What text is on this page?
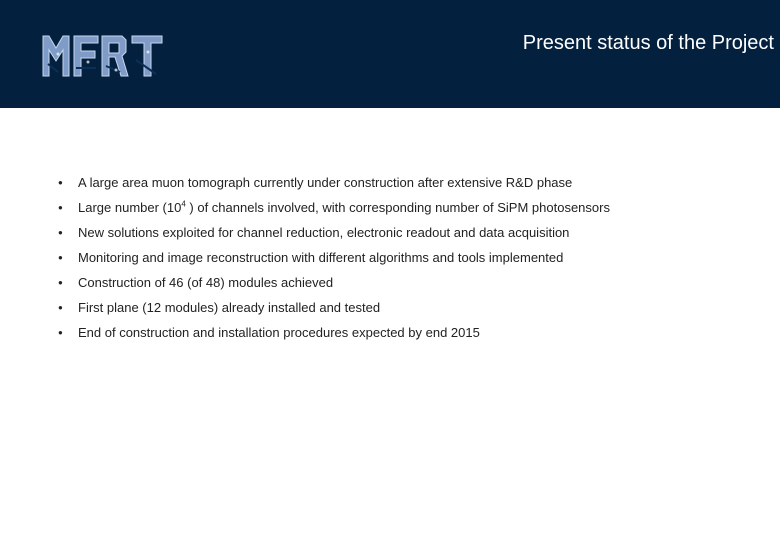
Present status of the Project
● A large area muon tomograph currently under construction after extensive R&D phase
● Large number ($10^4$ ) of channels involved, with corresponding number of SiPM photosensors
● New solutions exploited for channel reduction, electronic readout and data acquisition
● Monitoring and image reconstruction with different algorithms and tools implemented
● Construction of 46 (of 48) modules achieved
● First plane (12 modules) already installed and tested
● End of construction and installation procedures expected by end 2015
